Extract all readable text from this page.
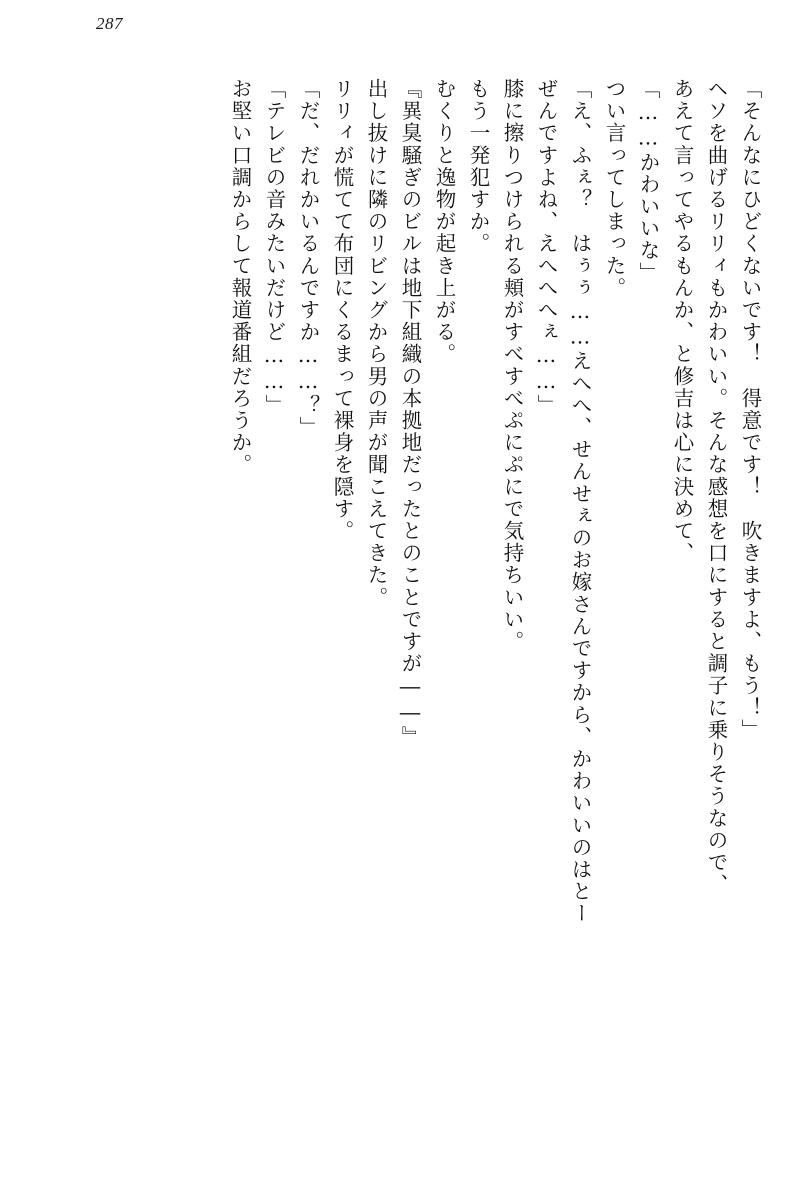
287
「そんなにひどくないです！　得意です！　吹きますよ、もう！」
ヘソを曲げるリリィもかわいい。そんな感想を口にすると調子に乗りそうなので、
あえて言ってやるもんか、と修吉は心に決めて、
「……かわいいな」
つい言ってしまった。
「え、ふぇ？　はぅぅ……えへへ、せんせぇのお嫁さんですから、かわいいのはとー
ぜんですよね、えへへへぇ……」
膝に擦りつけられる頬がすべすべぷにぷにで気持ちいい。
もう一発犯すか。
むくりと逸物が起き上がる。
『異臭騒ぎのビルは地下組織の本拠地だったとのことですが――』
出し抜けに隣のリビングから男の声が聞こえてきた。
リリィが慌てて布団にくるまって裸身を隠す。
「だ、だれかいるんですか……？」
「テレビの音みたいだけど……」
お堅い口調からして報道番組だろうか。
